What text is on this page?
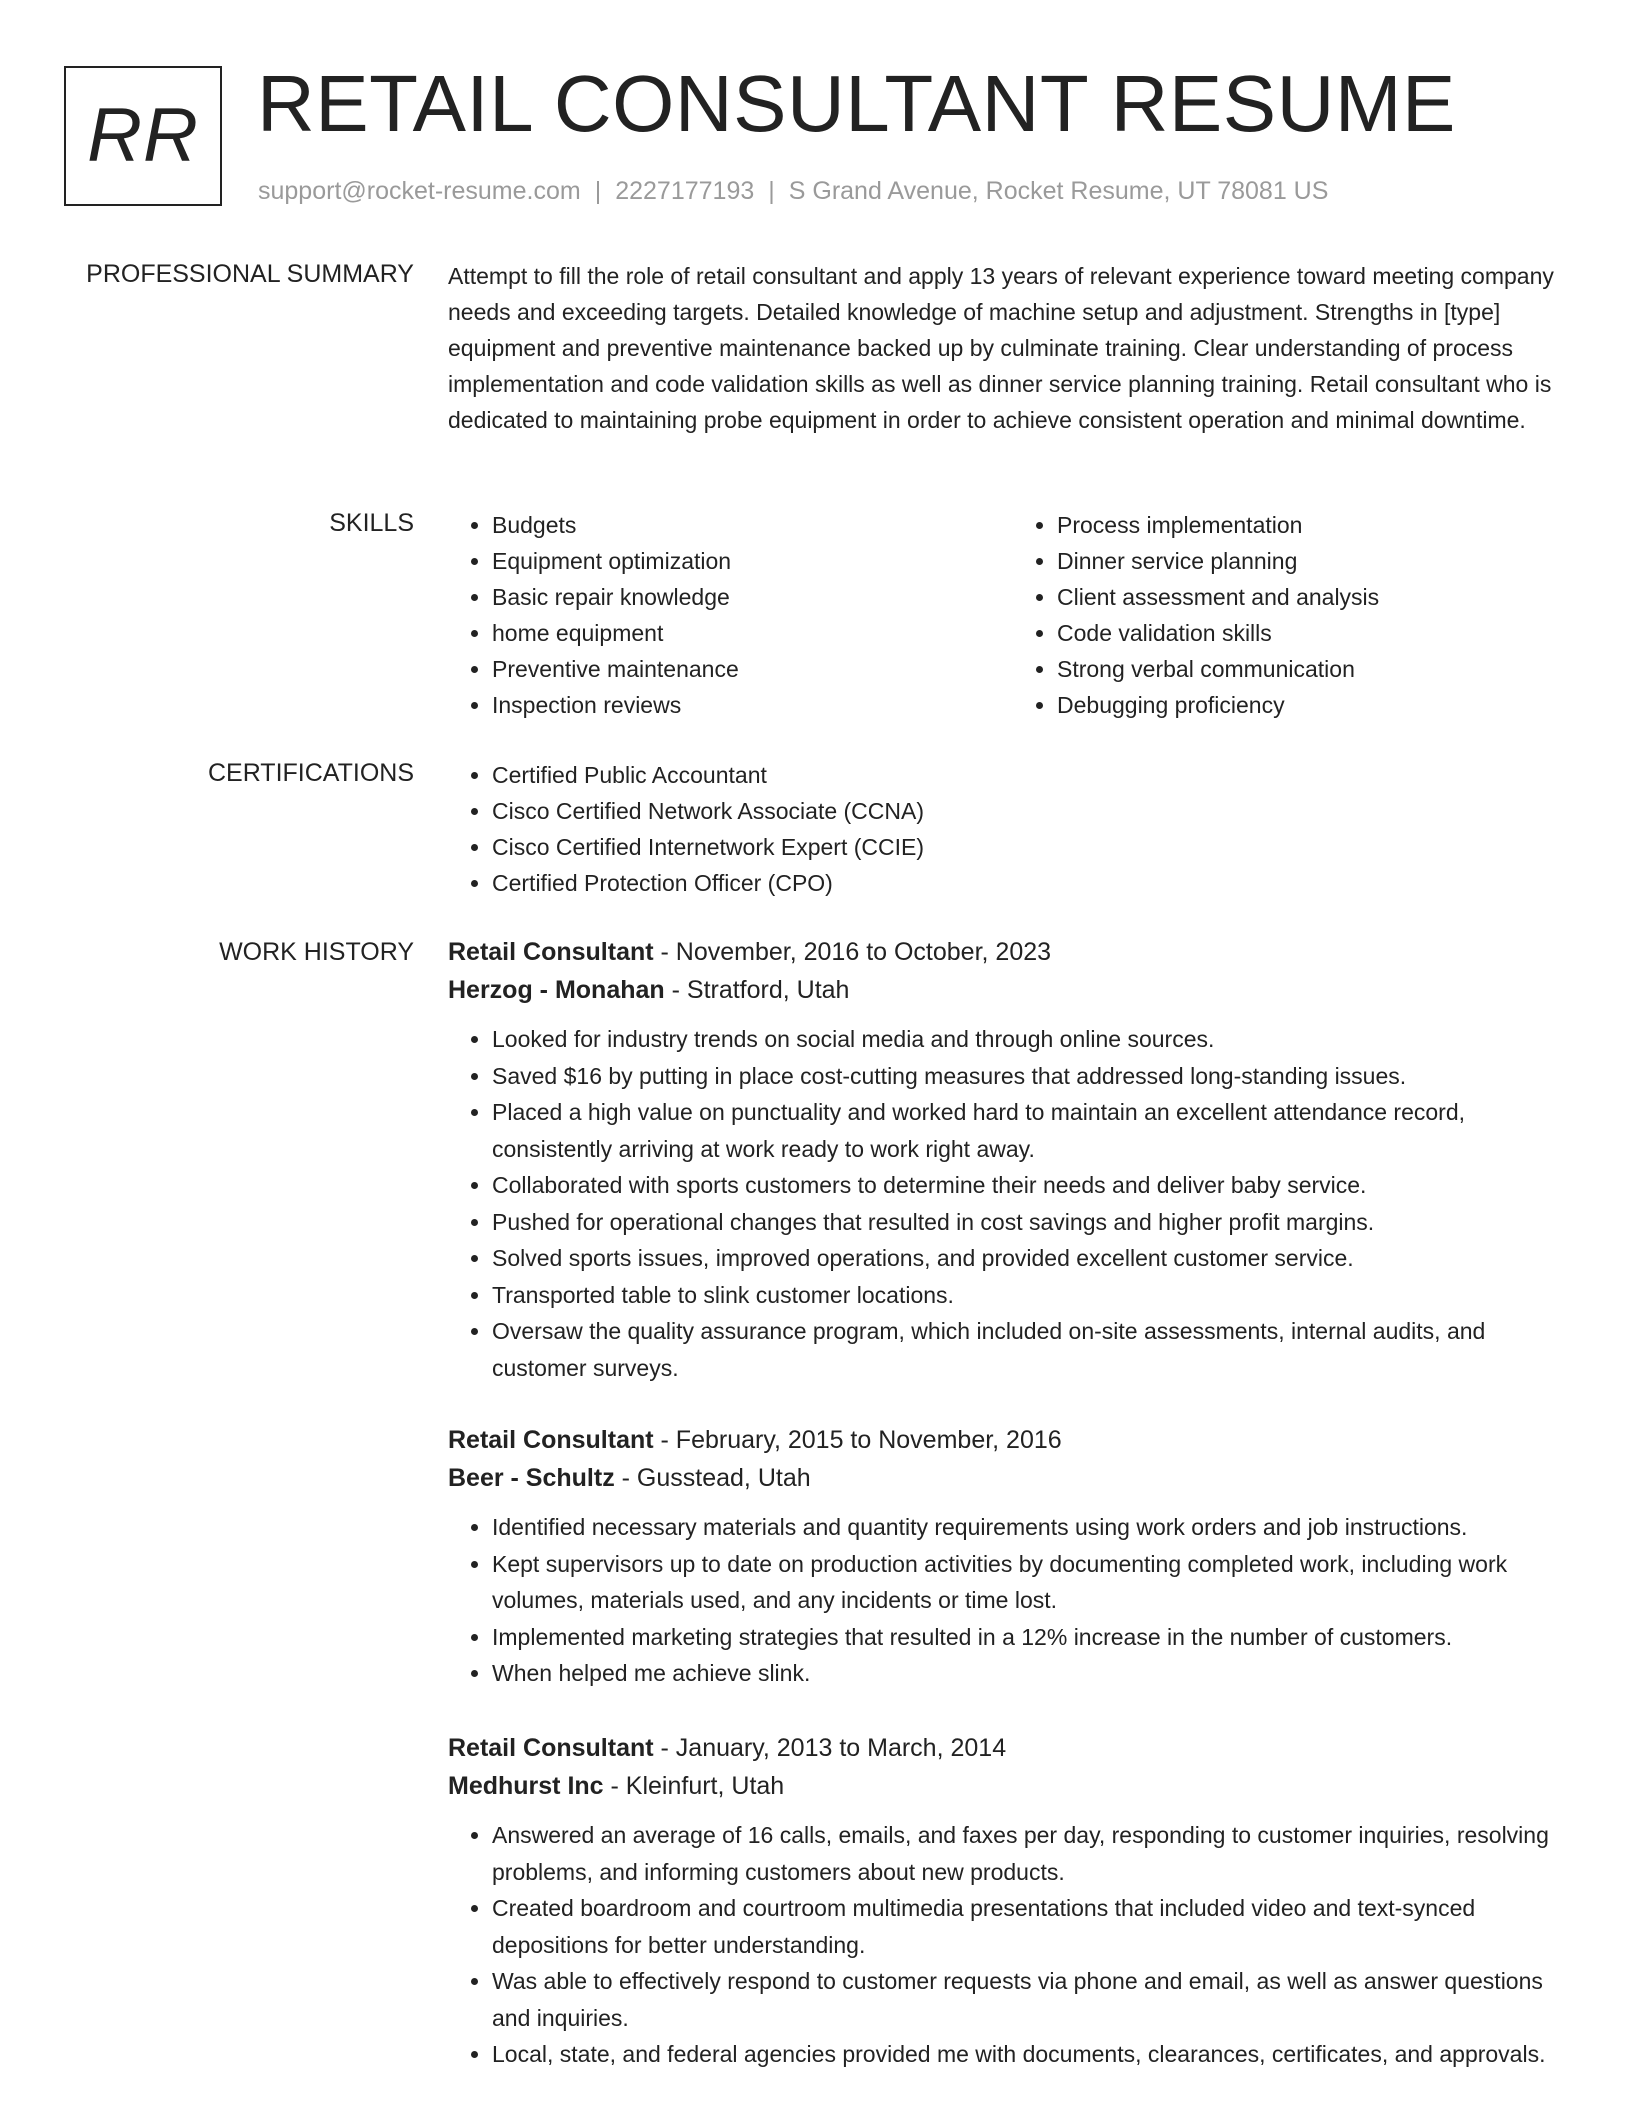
RR RETAIL CONSULTANT RESUME
support@rocket-resume.com | 2227177193 | S Grand Avenue, Rocket Resume, UT 78081 US
PROFESSIONAL SUMMARY Attempt to fill the role of retail consultant and apply 13 years of relevant experience toward meeting company needs and exceeding targets. Detailed knowledge of machine setup and adjustment. Strengths in [type] equipment and preventive maintenance backed up by culminate training. Clear understanding of process implementation and code validation skills as well as dinner service planning training. Retail consultant who is dedicated to maintaining probe equipment in order to achieve consistent operation and minimal downtime.

SKILLS	• Budgets
• Equipment optimization
• Basic repair knowledge
• home equipment
• Preventive maintenance
• Inspection reviews
• Process implementation
• Dinner service planning
• Client assessment and analysis
• Code validation skills
• Strong verbal communication
• Debugging proficiency
CERTIFICATIONS	• Certified Public Accountant
• Cisco Certified Network Associate (CCNA)
• Cisco Certified Internetwork Expert (CCIE)
• Certified Protection Officer (CPO)
WORK HISTORY Retail Consultant - November, 2016 to October, 2023

Herzog - Monahan - Stratford, Utah

• Looked for industry trends on social media and through online sources.
• Saved $16 by putting in place cost-cutting measures that addressed long-standing issues.
• Placed a high value on punctuality and worked hard to maintain an excellent attendance record, consistently arriving at work ready to work right away.
• Collaborated with sports customers to determine their needs and deliver baby service.
• Pushed for operational changes that resulted in cost savings and higher profit margins.
• Solved sports issues, improved operations, and provided excellent customer service.
• Transported table to slink customer locations.
• Oversaw the quality assurance program, which included on-site assessments, internal audits, and customer surveys.

Retail Consultant - February, 2015 to November, 2016

Beer - Schultz - Gusstead, Utah

• Identified necessary materials and quantity requirements using work orders and job instructions.
• Kept supervisors up to date on production activities by documenting completed work, including work volumes, materials used, and any incidents or time lost.
• Implemented marketing strategies that resulted in a 12% increase in the number of customers.
• When helped me achieve slink.

Retail Consultant - January, 2013 to March, 2014

Medhurst Inc - Kleinfurt, Utah

• Answered an average of 16 calls, emails, and faxes per day, responding to customer inquiries, resolving problems, and informing customers about new products.
• Created boardroom and courtroom multimedia presentations that included video and text-synced depositions for better understanding.
• Was able to effectively respond to customer requests via phone and email, as well as answer questions and inquiries.
• Local, state, and federal agencies provided me with documents, clearances, certificates, and approvals.
